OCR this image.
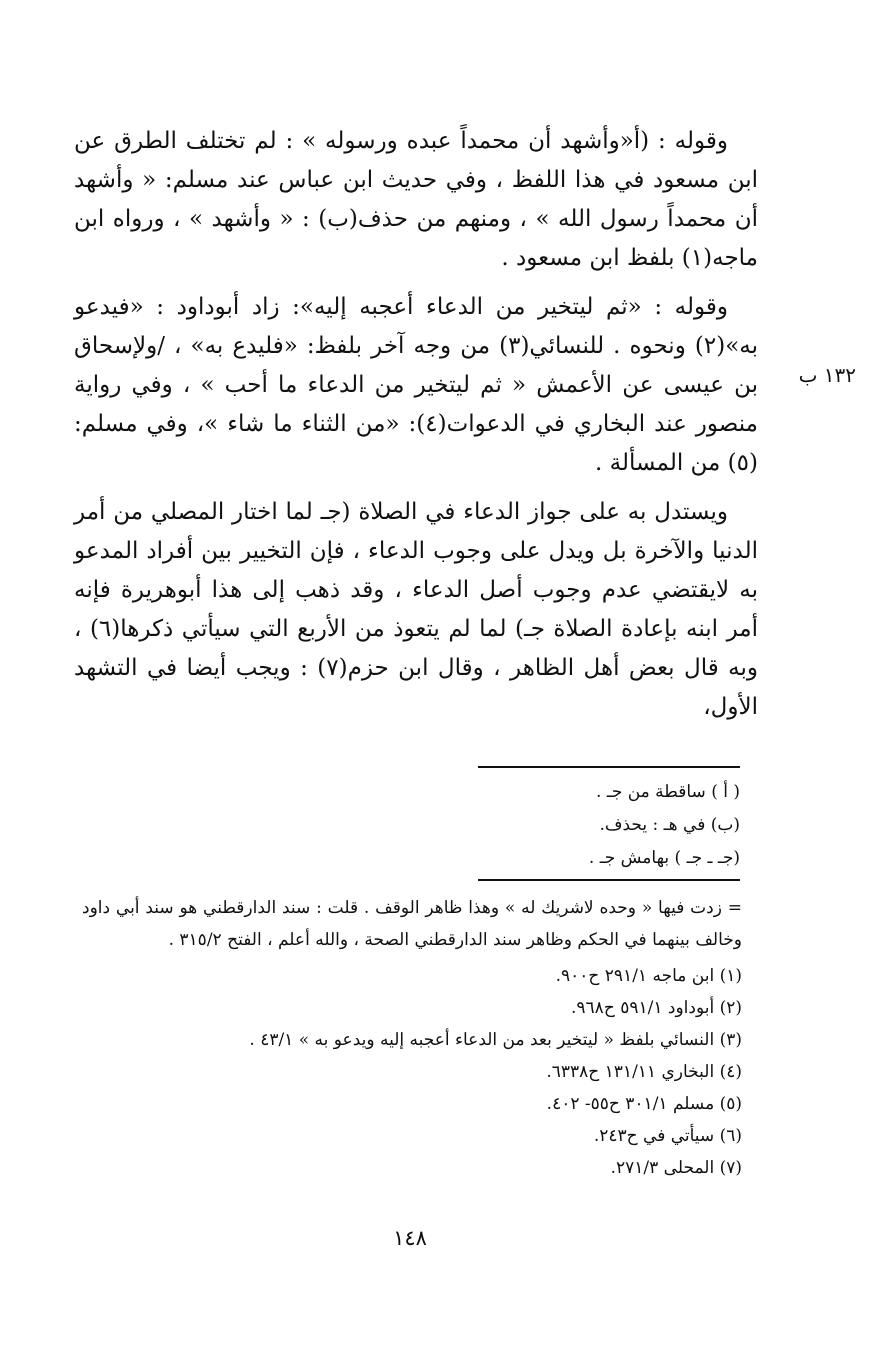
وقوله : (أ«وأشهد أن محمداً عبده ورسوله » : لم تختلف الطرق عن ابن مسعود في هذا اللفظ ، وفي حديث ابن عباس عند مسلم: « وأشهد أن محمداً رسول الله » ، ومنهم من حذف(ب) : « وأشهد » ، ورواه ابن ماجه(١) بلفظ ابن مسعود .

وقوله : «ثم ليتخير من الدعاء أعجبه إليه»: زاد أبوداود : «فيدعو به»(٢) ونحوه . للنسائي(٣) من وجه آخر بلفظ: «فليدع به» ، /ولإسحاق بن عيسى عن الأعمش « ثم ليتخير من الدعاء ما أحب » ، وفي رواية منصور عند البخاري في الدعوات(٤): «من الثناء ما شاء »، وفي مسلم:(٥) من المسألة .

ويستدل به على جواز الدعاء في الصلاة (جـ لما اختار المصلي من أمر الدنيا والآخرة بل ويدل على وجوب الدعاء ، فإن التخيير بين أفراد المدعو به لايقتضي عدم وجوب أصل الدعاء ، وقد ذهب إلى هذا أبوهريرة فإنه أمر ابنه بإعادة الصلاة جـ) لما لم يتعوذ من الأربع التي سيأتي ذكرها(٦) ، وبه قال بعض أهل الظاهر ، وقال ابن حزم(٧) : ويجب أيضا في التشهد الأول،

١٣٢ ب
( أ ) ساقطة من جـ .
(ب) في هـ : يحذف.
(جـ ـ جـ ) بهامش جـ .
= زدت فيها « وحده لاشريك له » وهذا ظاهر الوقف . قلت : سند الدارقطني هو سند أبي داود وخالف بينهما في الحكم وظاهر سند الدارقطني الصحة ، والله أعلم ، الفتح ٣١٥/٢ .
(١) ابن ماجه ٢٩١/١ ح٩٠٠.
(٢) أبوداود ٥٩١/١ ح٩٦٨.
(٣) النسائي بلفظ « ليتخير بعد من الدعاء أعجبه إليه ويدعو به » ٤٣/١ .
(٤) البخاري ١٣١/١١ ح٦٣٣٨.
(٥) مسلم ٣٠١/١ ح٥٥- ٤٠٢.
(٦) سيأتي في ح٢٤٣.
(٧) المحلى ٢٧١/٣.
١٤٨
